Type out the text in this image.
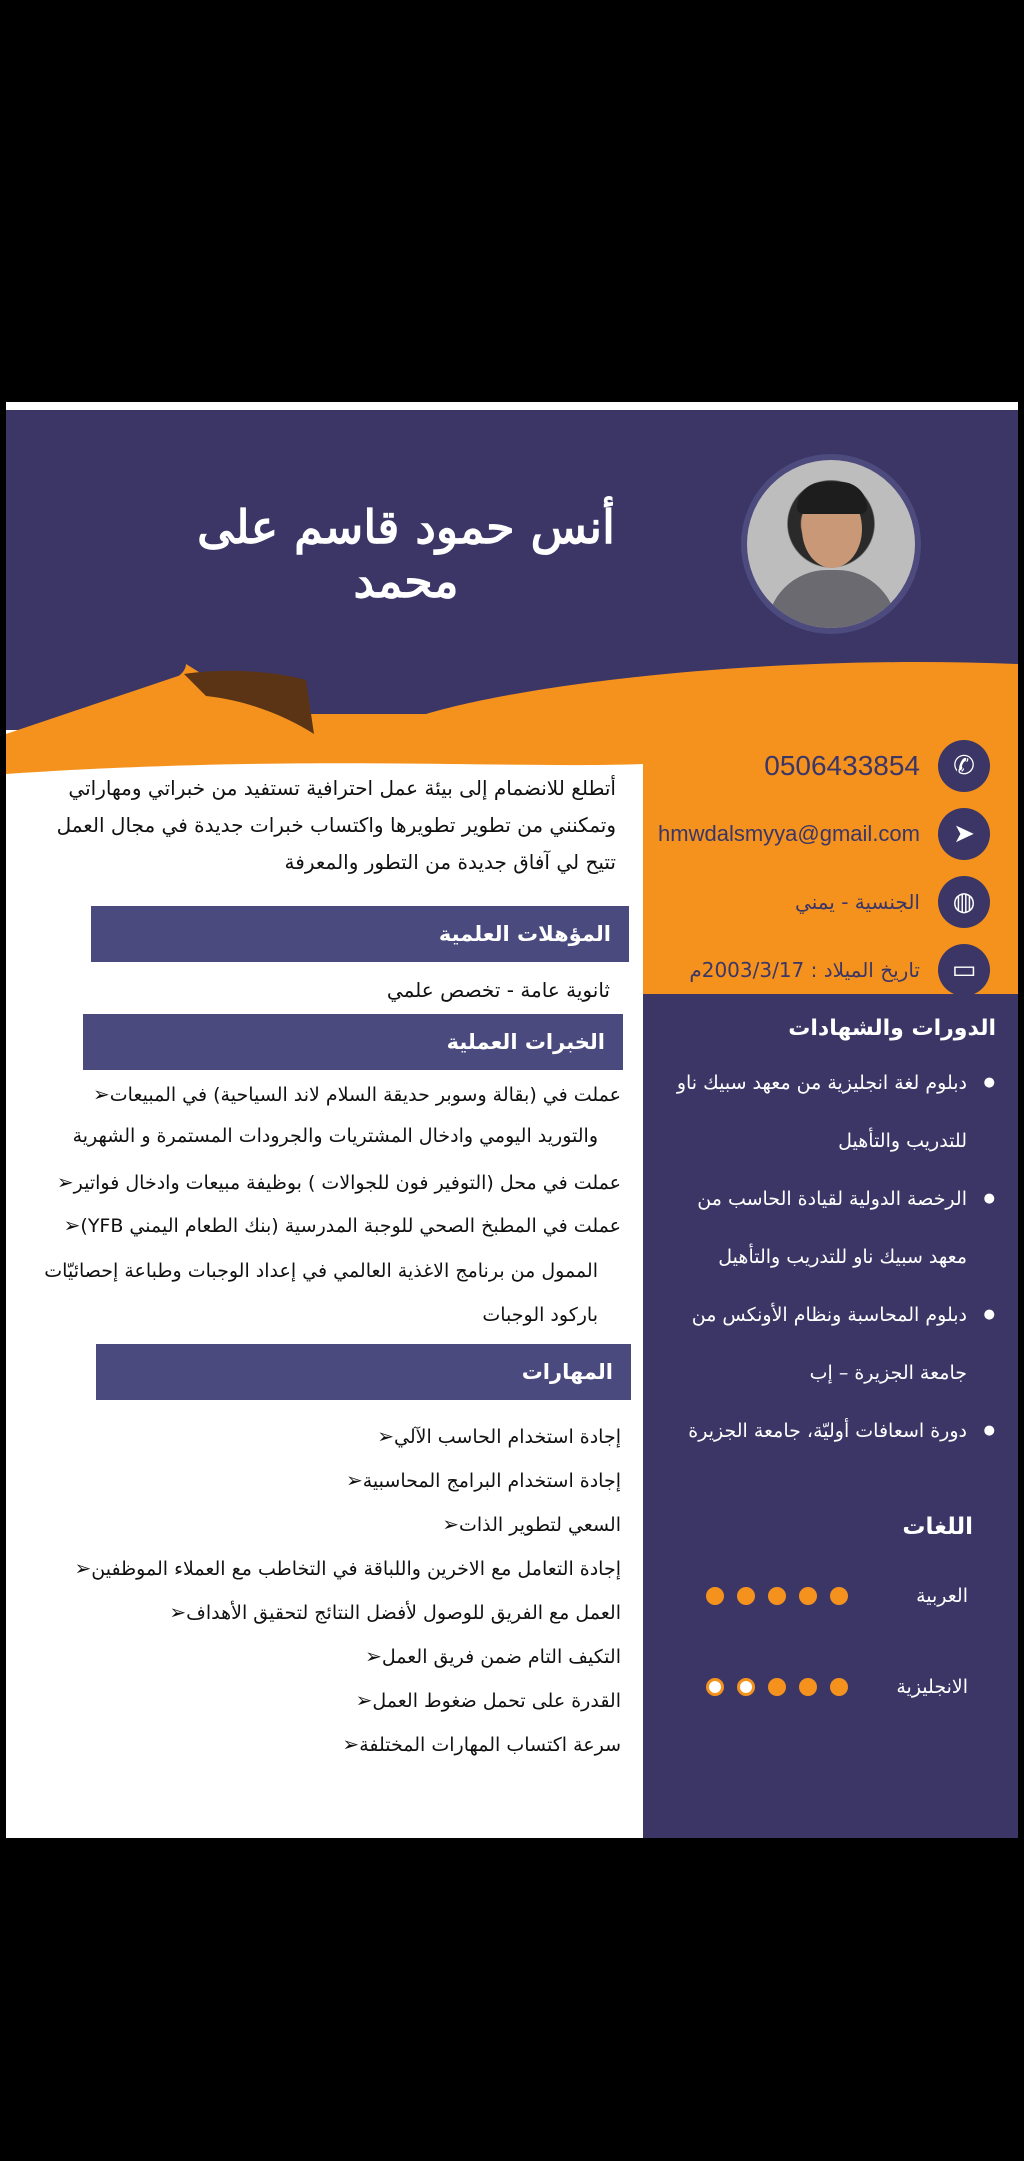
أنس حمود قاسم على محمد
✆
0506433854
➤
hmwdalsmyya@gmail.com
◍
الجنسية - يمني
▭
تاريخ الميلاد : 2003/3/17م
الدورات والشهادات
● دبلوم لغة انجليزية من معهد سبيك ناو للتدريب والتأهيل
● الرخصة الدولية لقيادة الحاسب من معهد سبيك ناو للتدريب والتأهيل
● دبلوم المحاسبة ونظام الأونكس من جامعة الجزيرة – إب
● دورة اسعافات أوليّة، جامعة الجزيرة
اللغات
العربية
الانجليزية
أتطلع للانضمام إلى بيئة عمل احترافية تستفيد من خبراتي ومهاراتي
وتمكنني من تطوير تطويرها واكتساب خبرات جديدة في مجال العمل
تتيح لي آفاق جديدة من التطور والمعرفة
المؤهلات العلمية
ثانوية عامة - تخصص علمي
الخبرات العملية
عملت في (بقالة وسوبر حديقة السلام لاند السياحية) في المبيعات➢
والتوريد اليومي وادخال المشتريات والجرودات المستمرة و الشهرية
عملت في محل (التوفير فون للجوالات ) بوظيفة مبيعات وادخال فواتير➢
عملت في المطبخ الصحي للوجبة المدرسية (بنك الطعام اليمني YFB)➢
الممول من برنامج الاغذية العالمي في إعداد الوجبات وطباعة إحصائيّات
باركود الوجبات
المهارات
إجادة استخدام الحاسب الآلي➢
إجادة استخدام البرامج المحاسبية➢
السعي لتطوير الذات➢
إجادة التعامل مع الاخرين واللباقة في التخاطب مع العملاء الموظفين➢
العمل مع الفريق للوصول لأفضل النتائج لتحقيق الأهداف➢
التكيف التام ضمن فريق العمل➢
القدرة على تحمل ضغوط العمل➢
سرعة اكتساب المهارات المختلفة➢
